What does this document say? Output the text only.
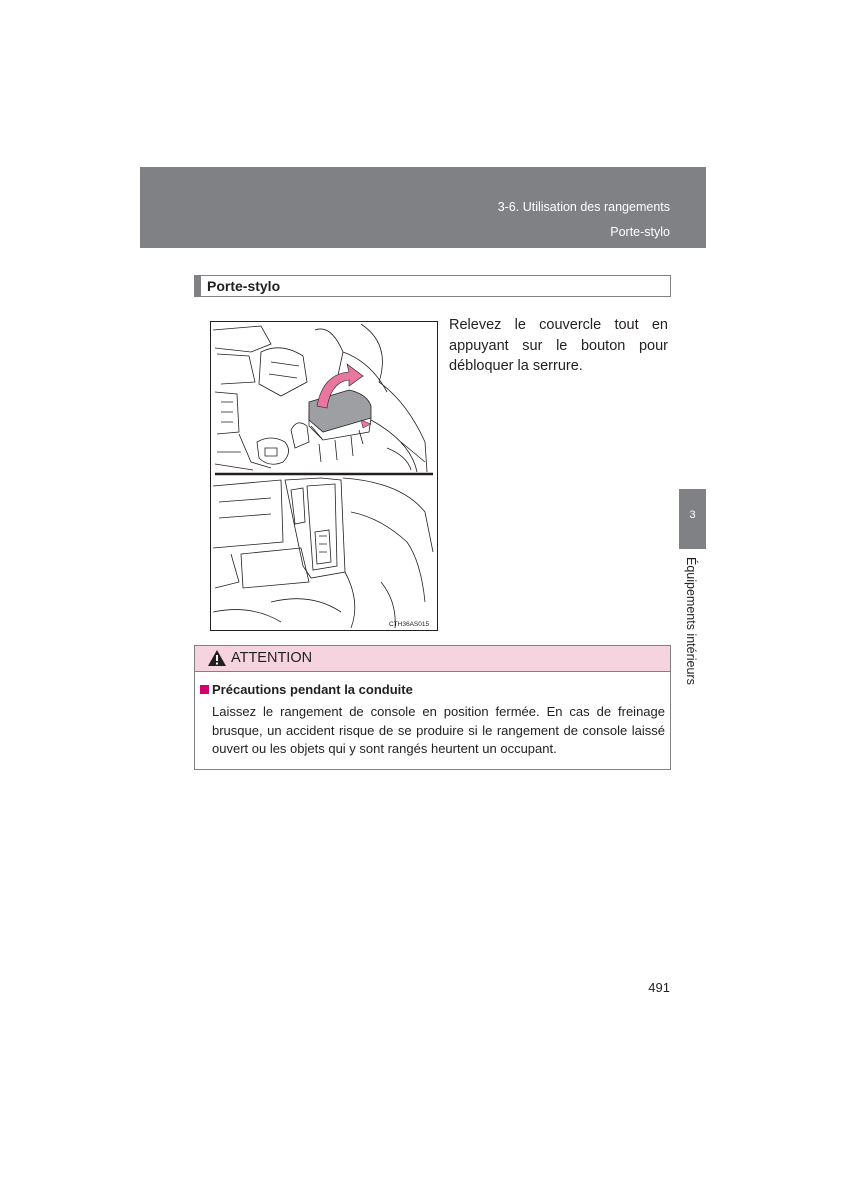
3-6. Utilisation des rangements
Porte-stylo
Porte-stylo
CTH36AS015
Relevez le couvercle tout en appuyant sur le bouton pour débloquer la serrure.
3
Équipements intérieurs
ATTENTION
Précautions pendant la conduite
Laissez le rangement de console en position fermée. En cas de freinage brusque, un accident risque de se produire si le rangement de console laissé ouvert ou les objets qui y sont rangés heurtent un occupant.
491
